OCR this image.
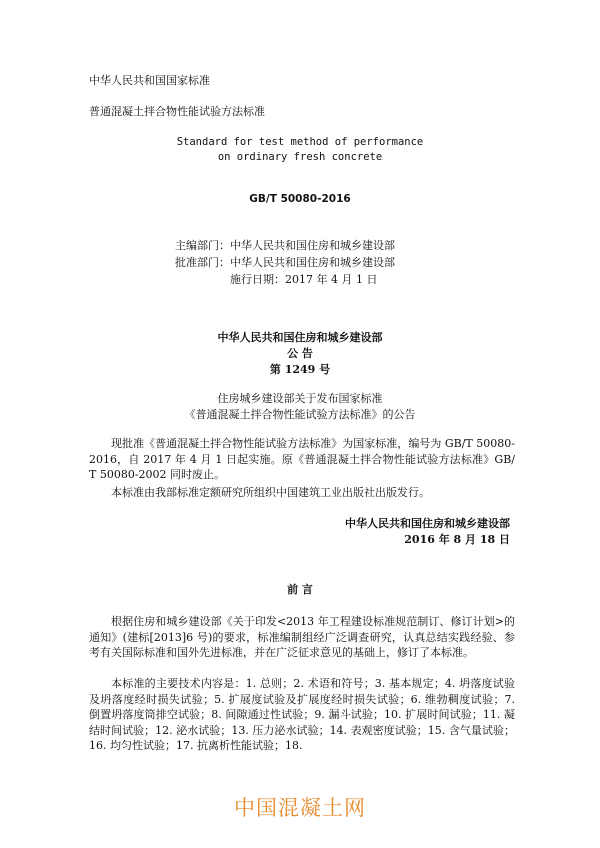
中华人民共和国国家标准
普通混凝土拌合物性能试验方法标准
Standard for test method of performance
on ordinary fresh concrete
GB/T 50080-2016
主编部门：中华人民共和国住房和城乡建设部
批准部门：中华人民共和国住房和城乡建设部
施行日期：2017 年 4 月 1 日
中华人民共和国住房和城乡建设部
公 告
第 1249 号
住房城乡建设部关于发布国家标准
《普通混凝土拌合物性能试验方法标准》的公告
现批准《普通混凝土拌合物性能试验方法标准》为国家标准，编号为 GB/T 50080-2016，自 2017 年 4 月 1 日起实施。原《普通混凝土拌合物性能试验方法标准》GB/T 50080-2002 同时废止。
本标准由我部标准定额研究所组织中国建筑工业出版社出版发行。
中华人民共和国住房和城乡建设部
2016 年 8 月 18 日
前 言
根据住房和城乡建设部《关于印发<2013 年工程建设标准规范制订、修订计划>的通知》(建标[2013]6 号)的要求，标准编制组经广泛调查研究，认真总结实践经验、参考有关国际标准和国外先进标准，并在广泛征求意见的基础上，修订了本标准。
本标准的主要技术内容是：1. 总则；2. 术语和符号；3. 基本规定；4. 坍落度试验及坍落度经时损失试验；5. 扩展度试验及扩展度经时损失试验；6. 维勃稠度试验；7. 倒置坍落度筒排空试验；8. 间隙通过性试验；9. 漏斗试验；10. 扩展时间试验；11. 凝结时间试验；12. 泌水试验；13. 压力泌水试验；14. 表观密度试验；15. 含气量试验；16. 均匀性试验；17. 抗离析性能试验；18.
中国混凝土网
